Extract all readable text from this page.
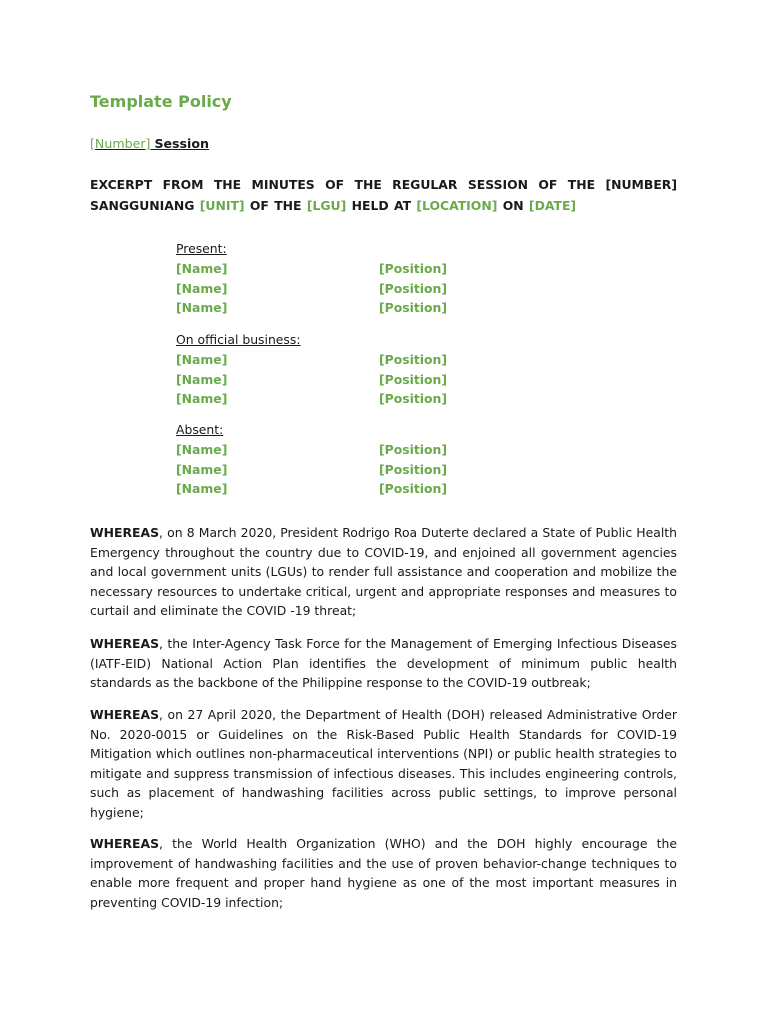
Template Policy
[Number] Session

EXCERPT FROM THE MINUTES OF THE REGULAR SESSION OF THE [NUMBER] SANGGUNIANG [UNIT] OF THE [LGU] HELD AT [LOCATION] ON [DATE]

Present:
[Name]	[Position]
[Name]	[Position]
[Name]	[Position]
On official business:
[Name]	[Position]
[Name]	[Position]
[Name]	[Position]
Absent:
[Name]	[Position]
[Name]	[Position]
[Name]	[Position]

WHEREAS, on 8 March 2020, President Rodrigo Roa Duterte declared a State of Public Health Emergency throughout the country due to COVID-19, and enjoined all government agencies and local government units (LGUs) to render full assistance and cooperation and mobilize the necessary resources to undertake critical, urgent and appropriate responses and measures to curtail and eliminate the COVID -19 threat;

WHEREAS, the Inter-Agency Task Force for the Management of Emerging Infectious Diseases (IATF-EID) National Action Plan identifies the development of minimum public health standards as the backbone of the Philippine response to the COVID-19 outbreak;

WHEREAS, on 27 April 2020, the Department of Health (DOH) released Administrative Order No. 2020-0015 or Guidelines on the Risk-Based Public Health Standards for COVID-19 Mitigation which outlines non-pharmaceutical interventions (NPI) or public health strategies to mitigate and suppress transmission of infectious diseases. This includes engineering controls, such as placement of handwashing facilities across public settings, to improve personal hygiene;

WHEREAS, the World Health Organization (WHO) and the DOH highly encourage the improvement of handwashing facilities and the use of proven behavior-change techniques to enable more frequent and proper hand hygiene as one of the most important measures in preventing COVID-19 infection;
